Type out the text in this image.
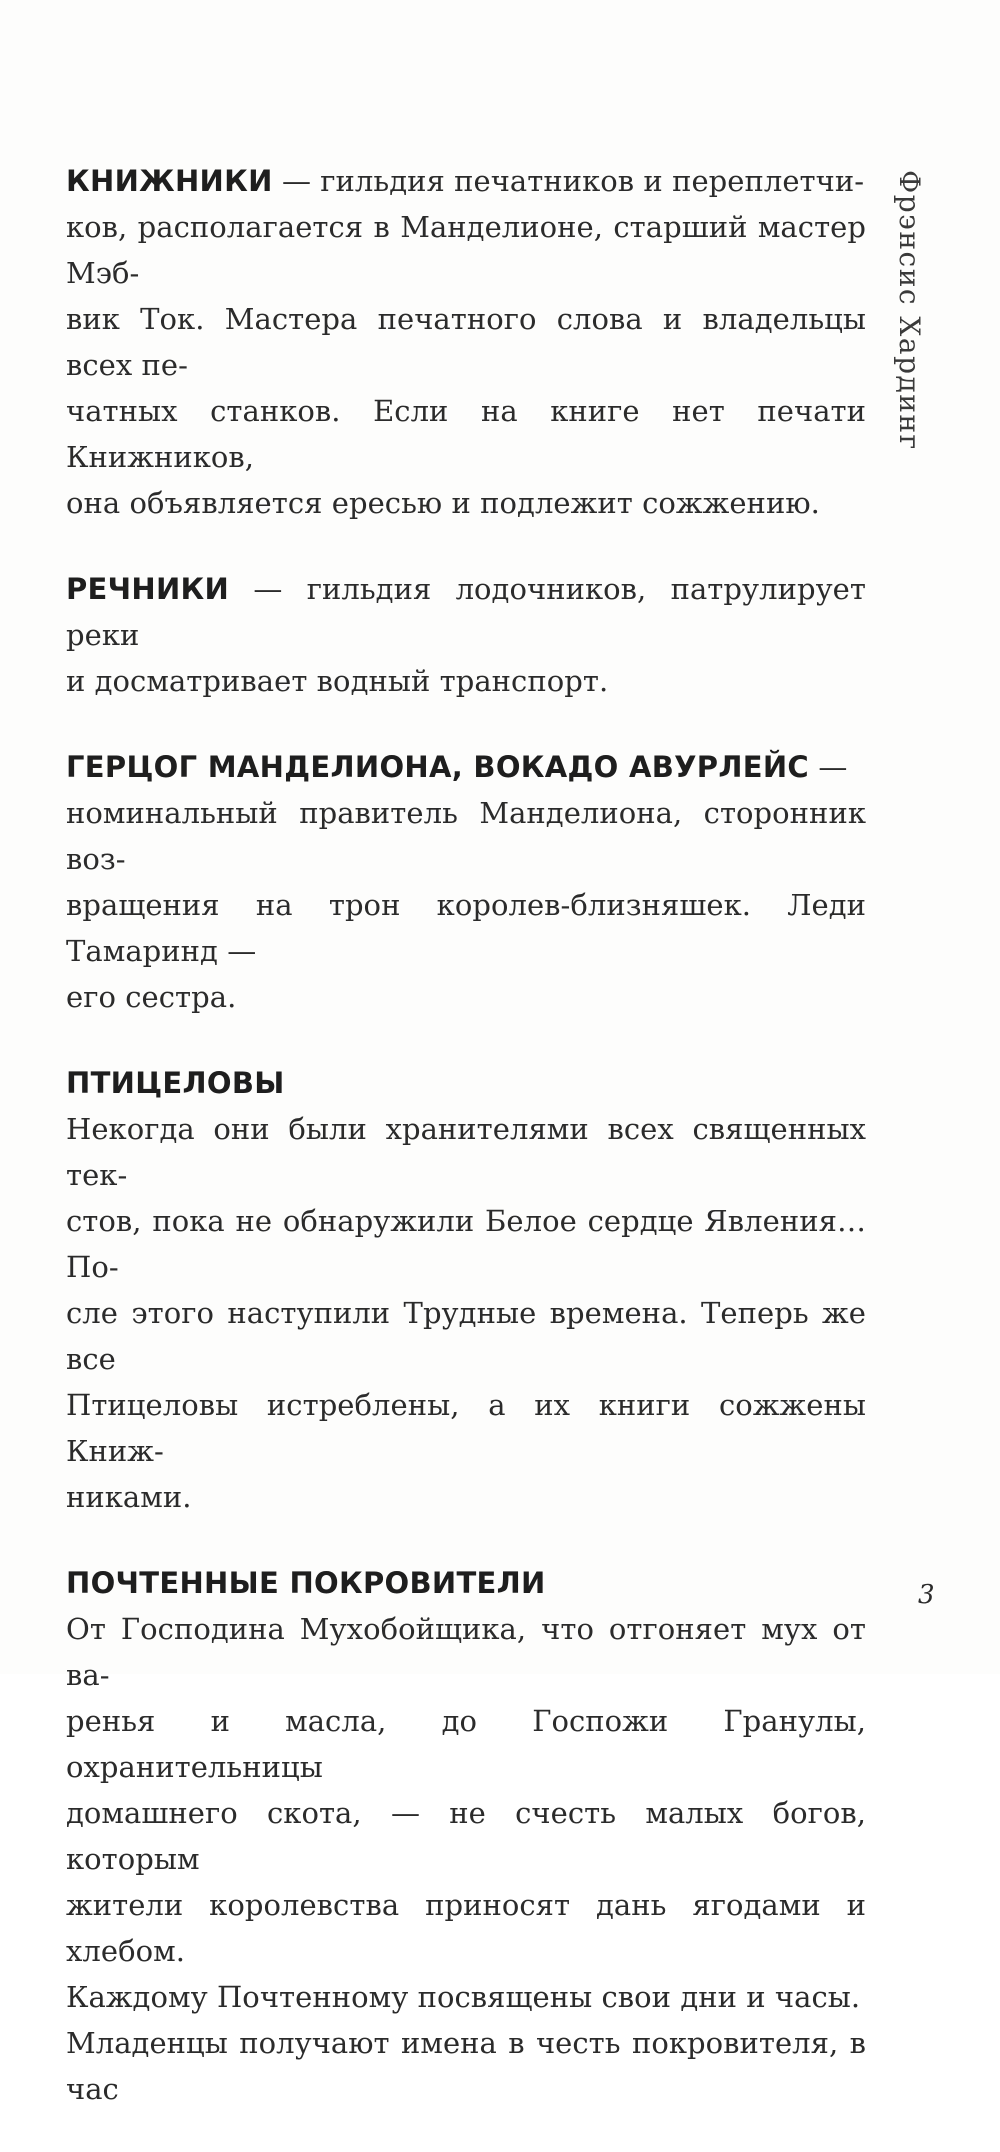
Фрэнсис Хардинг

КНИЖНИКИ — гильдия печатников и переплетчи-

ков, располагается в Манделионе, старший мастер Мэб-

вик Ток. Мастера печатного слова и владельцы всех пе-

чатных станков. Если на книге нет печати Книжников,

она объявляется ересью и подлежит сожжению.

РЕЧНИКИ — гильдия лодочников, патрулирует реки

и досматривает водный транспорт.

ГЕРЦОГ МАНДЕЛИОНА, ВОКАДО АВУРЛЕЙС —

номинальный правитель Манделиона, сторонник воз-

вращения на трон королев-близняшек. Леди Тамаринд —

его сестра.

ПТИЦЕЛОВЫ

Некогда они были хранителями всех священных тек-

стов, пока не обнаружили Белое сердце Явления… По-

сле этого наступили Трудные времена. Теперь же все

Птицеловы истреблены, а их книги сожжены Книж-

никами.

ПОЧТЕННЫЕ ПОКРОВИТЕЛИ

От Господина Мухобойщика, что отгоняет мух от ва-

ренья и масла, до Госпожи Гранулы, охранительницы

домашнего скота, — не счесть малых богов, которым

жители королевства приносят дань ягодами и хлебом.

Каждому Почтенному посвящены свои дни и часы.

Младенцы получают имена в честь покровителя, в час

3
